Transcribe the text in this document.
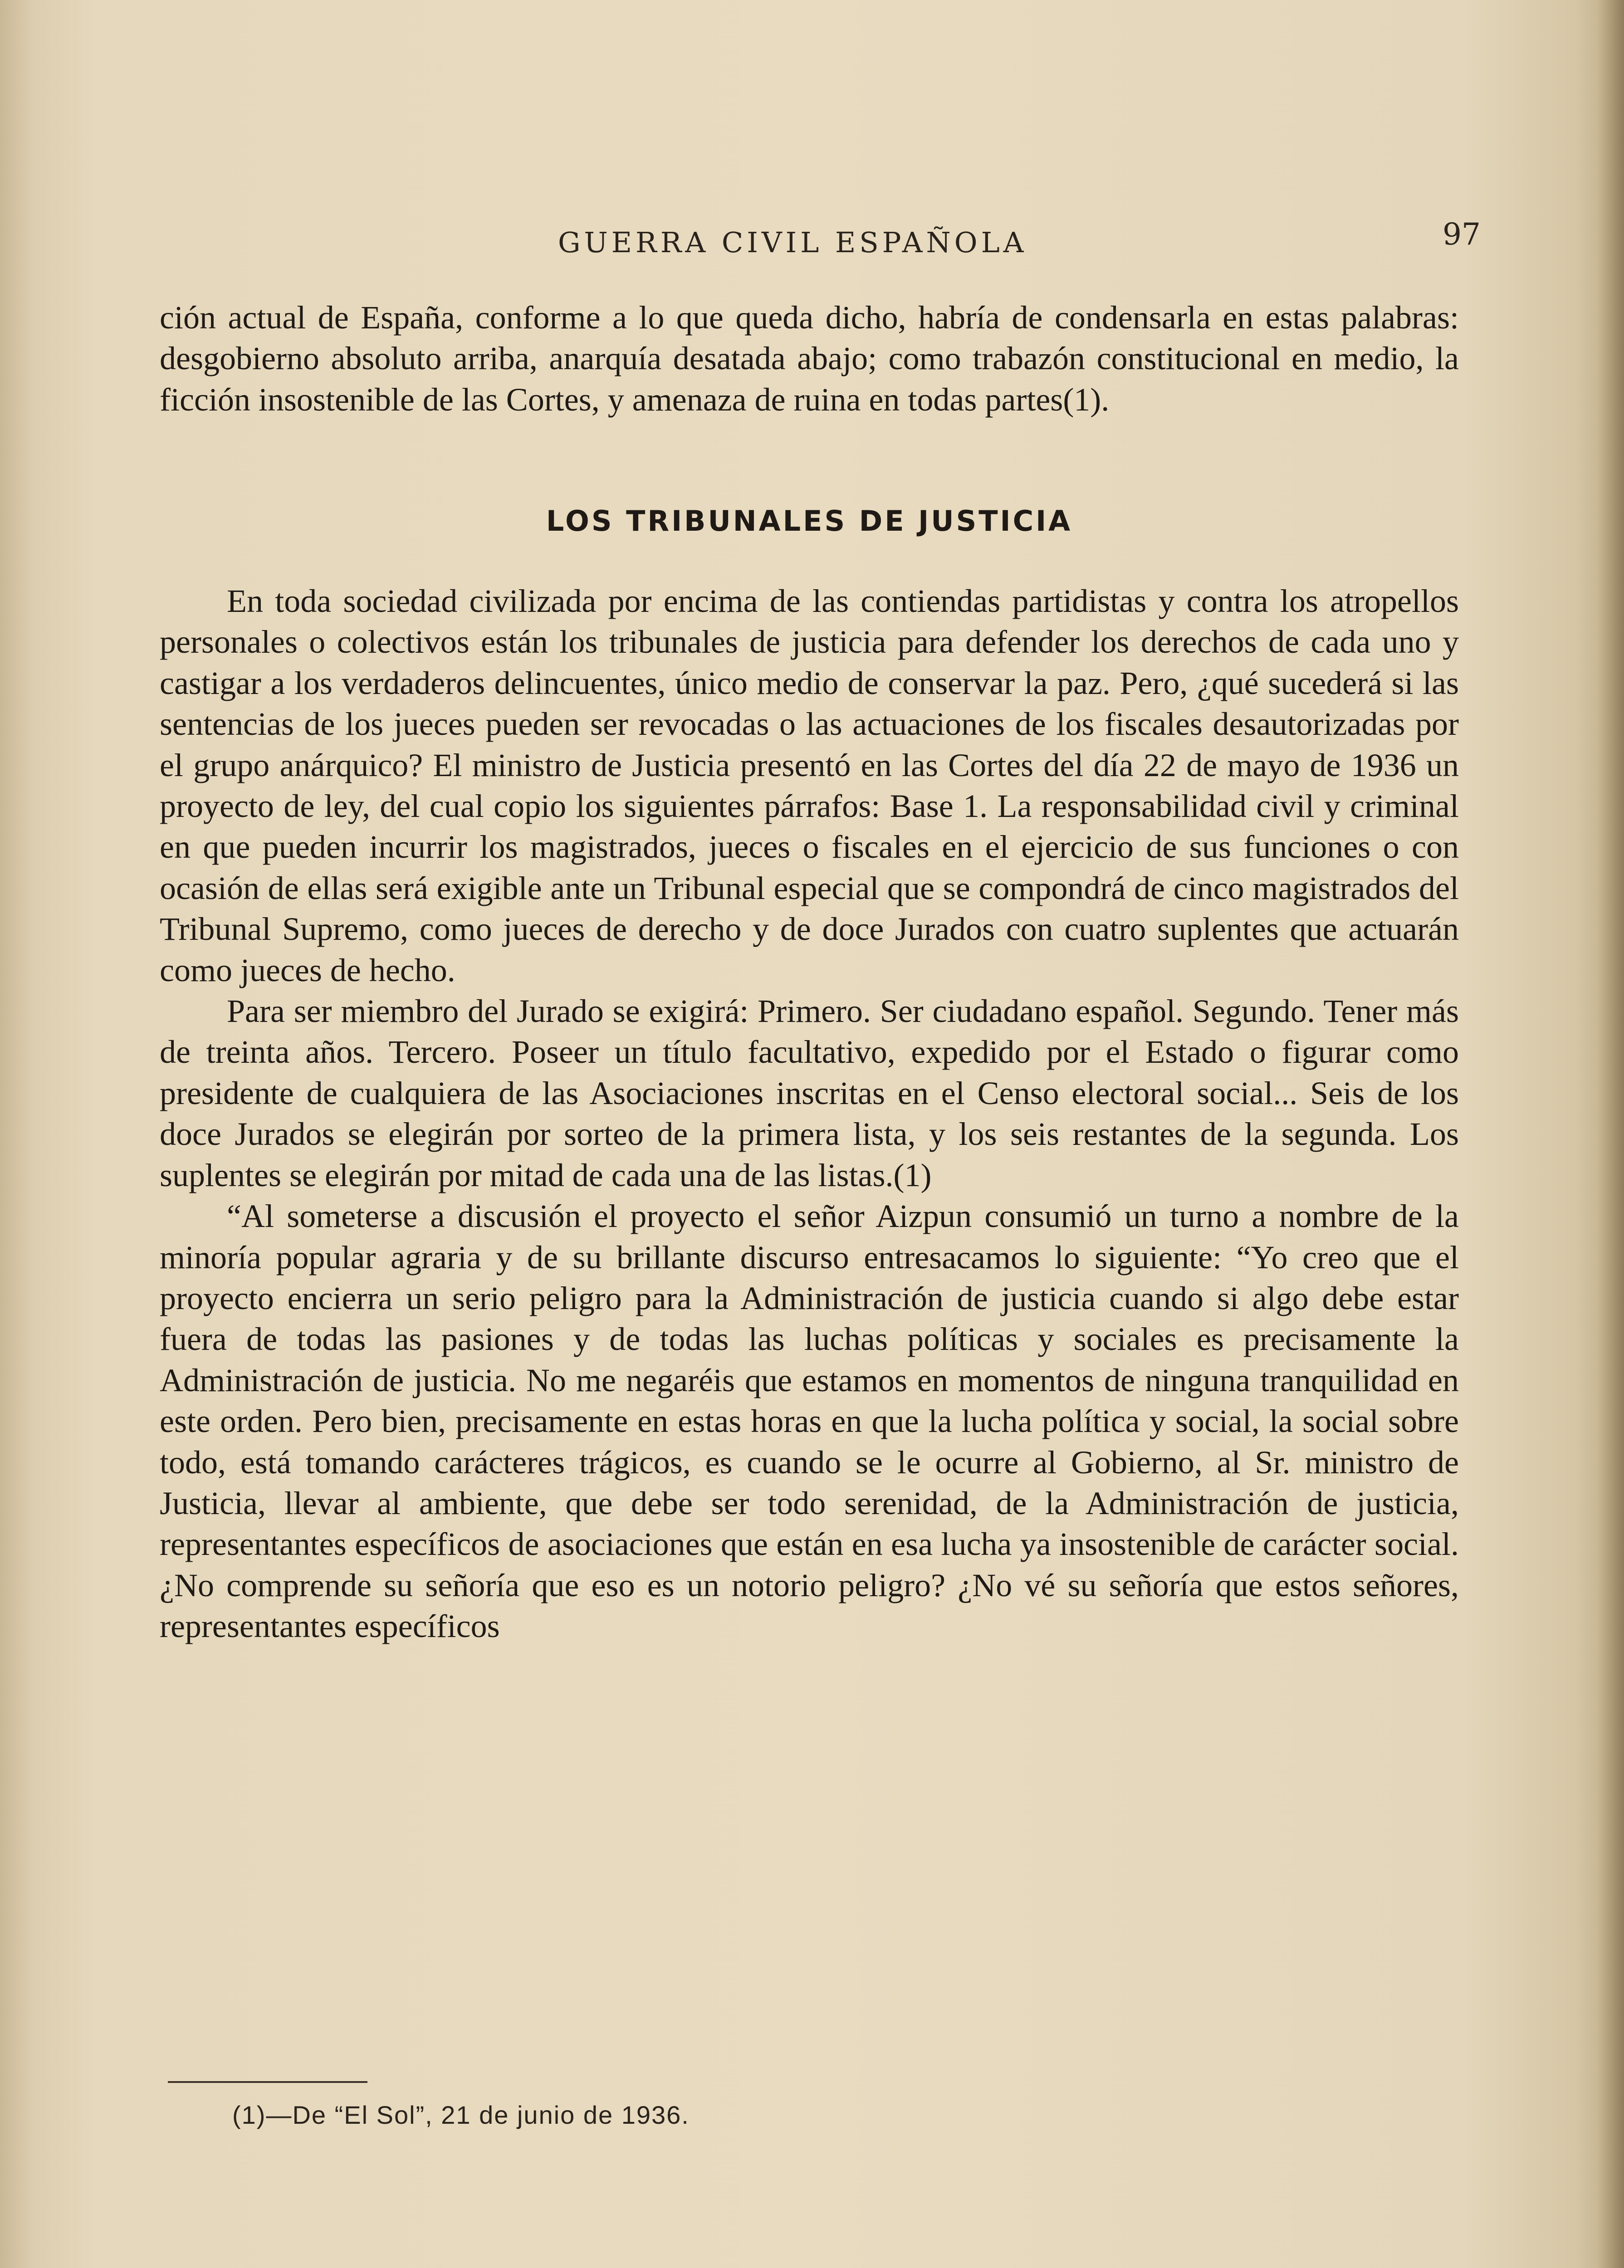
GUERRA CIVIL ESPAÑOLA	97

ción actual de España, conforme a lo que queda dicho, habría de condensarla en estas palabras: desgobierno absoluto arriba, anarquía desatada abajo; como trabazón constitucional en medio, la ficción insostenible de las Cortes, y amenaza de ruina en todas partes(1).

LOS TRIBUNALES DE JUSTICIA

En toda sociedad civilizada por encima de las contiendas partidistas y contra los atropellos personales o colectivos están los tribunales de justicia para defender los derechos de cada uno y castigar a los verdaderos delincuentes, único medio de conservar la paz. Pero, ¿qué sucederá si las sentencias de los jueces pueden ser revocadas o las actuaciones de los fiscales desautorizadas por el grupo anárquico? El ministro de Justicia presentó en las Cortes del día 22 de mayo de 1936 un proyecto de ley, del cual copio los siguientes párrafos: Base 1. La responsabilidad civil y criminal en que pueden incurrir los magistrados, jueces o fiscales en el ejercicio de sus funciones o con ocasión de ellas será exigible ante un Tribunal especial que se compondrá de cinco magistrados del Tribunal Supremo, como jueces de derecho y de doce Jurados con cuatro suplentes que actuarán como jueces de hecho.

Para ser miembro del Jurado se exigirá: Primero. Ser ciudadano español. Segundo. Tener más de treinta años. Tercero. Poseer un título facultativo, expedido por el Estado o figurar como presidente de cualquiera de las Asociaciones inscritas en el Censo electoral social... Seis de los doce Jurados se elegirán por sorteo de la primera lista, y los seis restantes de la segunda. Los suplentes se elegirán por mitad de cada una de las listas.(1)

“Al someterse a discusión el proyecto el señor Aizpun consumió un turno a nombre de la minoría popular agraria y de su brillante discurso entresacamos lo siguiente: “Yo creo que el proyecto encierra un serio peligro para la Administración de justicia cuando si algo debe estar fuera de todas las pasiones y de todas las luchas políticas y sociales es precisamente la Administración de justicia. No me negaréis que estamos en momentos de ninguna tranquilidad en este orden. Pero bien, precisamente en estas horas en que la lucha política y social, la social sobre todo, está tomando carácteres trágicos, es cuando se le ocurre al Gobierno, al Sr. ministro de Justicia, llevar al ambiente, que debe ser todo serenidad, de la Administración de justicia, representantes específicos de asociaciones que están en esa lucha ya insostenible de carácter social. ¿No comprende su señoría que eso es un notorio peligro? ¿No vé su señoría que estos señores, representantes específicos

(1)—De “El Sol”, 21 de junio de 1936.
